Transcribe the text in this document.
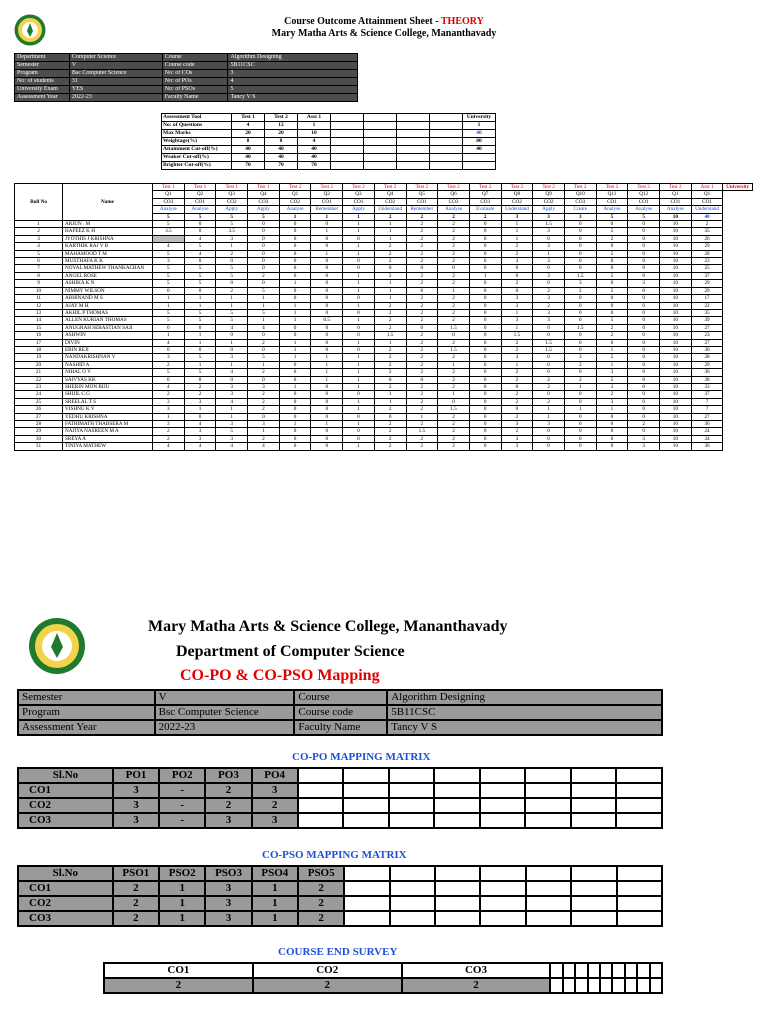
Course Outcome Attainment Sheet - THEORY
Mary Matha Arts & Science College, Mananthavady
Department	Computer Science	Course	Algorithm Designing
Semester	V	Course code	5B11CSC
Program	Bsc Computer Science	No: of COs	3
No: of students	31	No: of POs	4
University Exam	YES	No: of PSOs	5
Assessment Year	2022-23	Faculty Name	Tancy V S
Assessment Tool	Test 1	Test 2	Asst 1					University
No: of Questions	4	12	1					1
Max Marks	20	20	10					40
Weightage(%)	8	8	4					80
Attainment Cut-off(%)	40	40	40					40
Weaker Cut-off(%)	40	40	40					
Brighter Cut-off(%)	70	70	70					
Roll No	Name	Test 1	Test 1	Test 1	Test 1	Test 2	Test 2	Test 2	Test 2	Test 2	Test 2	Test 2	Test 2	Test 2	Test 2	Test 2	Test 2	Test 2	Asst 1	University
		Q1	Q2	Q3	Q4	Q1	Q2	Q3	Q4	Q5	Q6	Q7	Q8	Q9	Q10	Q11	Q12	Q1	Q1	
		CO3	CO1	CO2	CO3	CO2	CO1	CO1	CO2	CO1	CO3	CO3	CO2	CO2	CO3	CO1	CO1	CO1	CO1	
		Analyse	Analyse	Apply	Apply	Analyse	Remember	Apply	Understand	Remember	Analyse	Evaluate	Understand	Apply	Create	Analyse	Analyse	Analyse	Understand	
		5	5	5	5	1	1	1	2	2	2	2	3	3	3	5	5	10	40	
1	ARJUN . M	5	0	5	0	0	0	1	1	2	2	0	1	1.5	0	0	0	10	2	
2	HAFEEZ K H	3.5	0	3.5	0	0	1	1	1	2	2	0	1	3	0	5	0	10	35	
3	JYOTHIS J KRISHNA		4	3	0	0	0	0	1	2	2	0	1	0	0	2	0	10	26	
4	KARTHIK RAJ V B	4	5	1	0	0	0	1	2	2	2	0	2	3	0	0	0	10	29	
5	MAHAMOOD T M	5	4	2	0	0	1	1	2	2	2	0	2	1	0	5	0	10	28	
6	MUSTHAFA K K	3	0	0	0	0	0	0	2	2	2	0	3	3	0	0	0	10	23	
7	NOYAL MATHEW THANKACHAN	5	5	5	0	0	0	0	0	0	0	0	0	0	0	0	0	10	25	
8	ANGEL ROSE	5	5	5	2	0	0	1	2	2	2	1	0	3	1.5	5	0	10	37	
9	ASHIKA K N	5	5	0	0	1	0	1	1	2	2	0	2	0	3	0	3	10	29	
10	NIMMY WILSON	0	0	2	5	0	0	1	1	0	1	0	0	2	2	5	0	10	29	
11	ABHINAND M S	1	1	1	1	0	0	0	1	2	2	0	3	3	0	0	0	10	17	
12	AJAY M H	1	1	1	1	1	0	1	2	2	2	0	3	2	0	0	0	10	22	
13	AKHIL P THOMAS	5	5	5	5	1	0	0	2	2	2	0	1	3	0	0	0	10	35	
14	ALLEN KURIAN THOMAS	5	5	5	1	1	0.5	1	2	2	2	0	3	3	0	5	0	10	39	
15	ANUGRAH SEBASTIAN SAJI	0	0	4	4	0	0	0	2	0	1.5	0	1	0	1.5	2	0	10	27	
16	ASHWIN	1	1	0	0	0	0	0	1.5	2	0	0	1.5	0	0	2	0	10	23	
17	DIVIN	4	1	1	2	1	0	1	1	2	2	0	2	1.5	0	0	0	10	27	
18	EBIN REJI	0	0	0	0	1	0	0	2	2	1.5	0	2	1.5	0	1	0	10	30	
19	NANDAKRISHNAN V	3	5	3	5	1	1	1	2	2	2	0	3	0	3	5	0	10	38	
20	NASHID A	2	1	1	1	0	1	1	2	2	1	0	1	0	2	1	0	10	29	
21	NIHAL O V	5	5	4	2	0	1	1	2	2	2	0	2	0	0	3	0	10	36	
22	SAIVYAS KK	0	0	0	0	0	1	1	0	0	2	0	2	2	2	5	0	10	38	
23	SHERIN MON BIJU	4	2	3	3	1	0	1	2	2	2	0	0	2	1	3	0	10	33	
24	SHIJIL C G	2	2	3	2	0	0	0	1	2	1	0	2	0	0	2	0	10	37	
25	SREELAL T S	3	3	4	2	0	0	1	1	2	0	0	2	2	0	3	0	10	7	
26	VISHNU K V	3	1	1	2	0	0	1	2	2	1.5	0	0	1	1	1	0	10	7	
27	YEDHU KRISHNA	1	0	1	0	0	0	0	0	1	2	0	2	1	0	0	0	10	27	
28	FATHIMATH THABSERA M	3	4	3	3	1	1	1	2	2	2	0	3	3	0	0	2	10	36	
29	NAJIYA NASREEN M A	2	3	5	1	0	0	0	2	1.5	2	0	2	0	0	0	0	10	24	
30	SREYA A	2	3	3	2	0	0	0	2	2	2	0	3	0	0	0	3	10	34	
31	TINIYA MATHEW	4	4	4	4	0	0	1	2	2	2	0	3	0	0	0	3	10	36	
Mary Matha Arts & Science College, Mananthavady
Department of Computer Science
CO-PO & CO-PSO Mapping
Semester	V	Course	Algorithm Designing
Program	Bsc Computer Science	Course code	5B11CSC
Assessment Year	2022-23	Faculty Name	Tancy V S
CO-PO MAPPING MATRIX
Sl.No	PO1	PO2	PO3	PO4								
CO1	3	-	2	3								
CO2	3	-	2	2								
CO3	3	-	3	3								
CO-PSO MAPPING MATRIX
Sl.No	PSO1	PSO2	PSO3	PSO4	PSO5							
CO1	2	1	3	1	2							
CO2	2	1	3	1	2							
CO3	2	1	3	1	2							
COURSE END SURVEY
CO1	CO2	CO3									
2	2	2									
